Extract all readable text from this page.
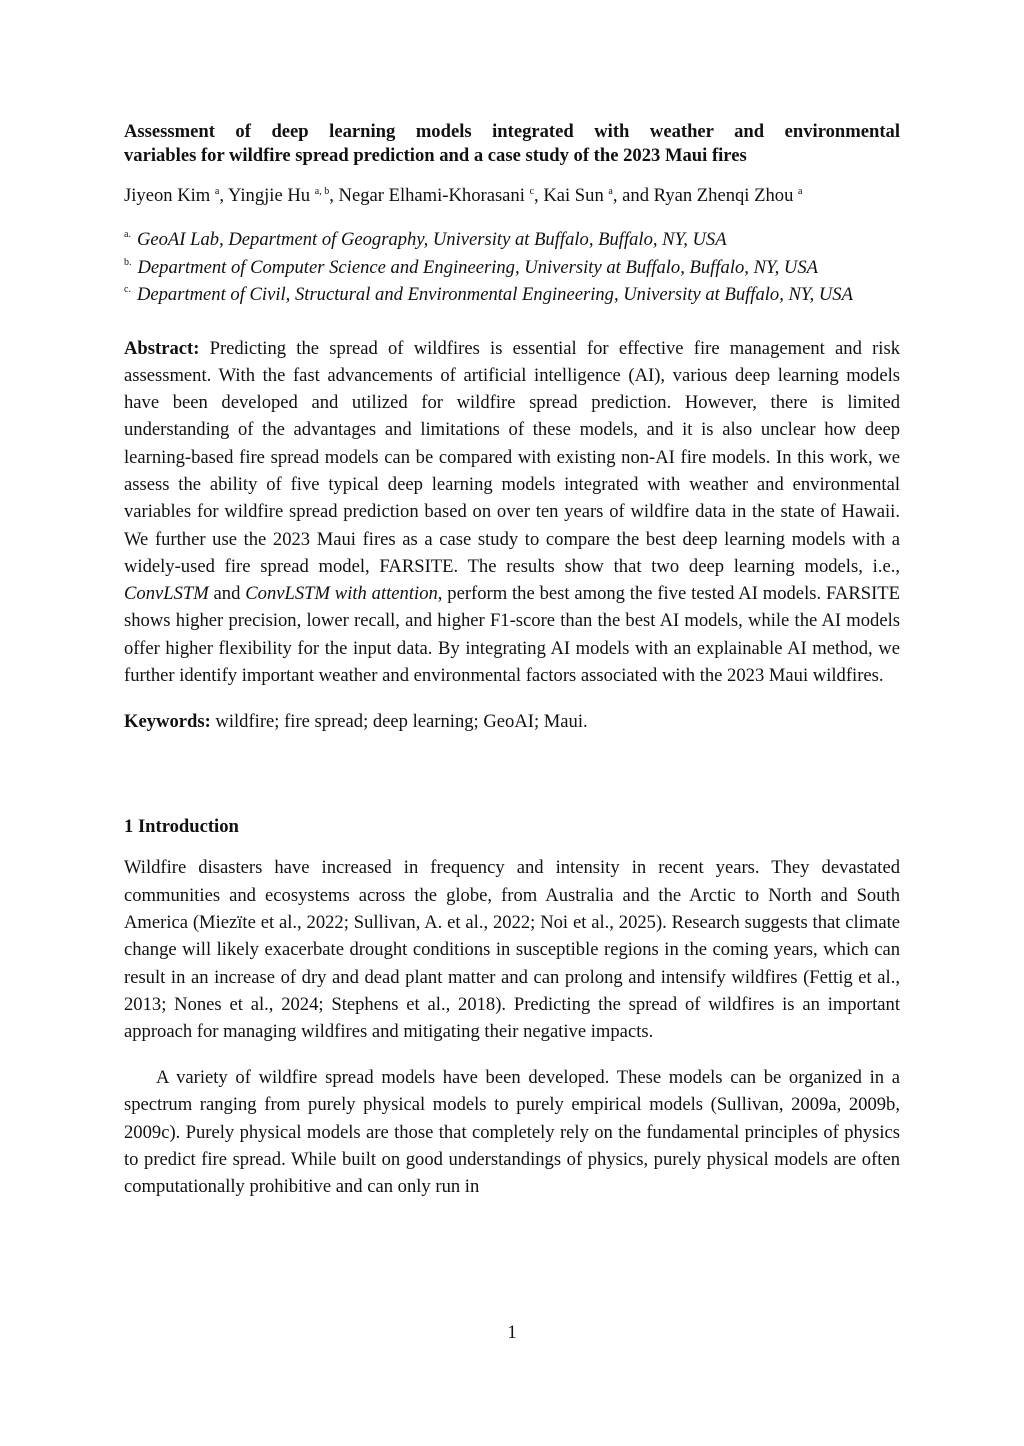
Assessment of deep learning models integrated with weather and environmental
variables for wildfire spread prediction and a case study of the 2023 Maui fires
Jiyeon Kim $^a$, Yingjie Hu $^{a, b}$, Negar Elhami-Khorasani $^c$, Kai Sun $^a$, and Ryan Zhenqi Zhou $^a$
a. GeoAI Lab, Department of Geography, University at Buffalo, Buffalo, NY, USA
b. Department of Computer Science and Engineering, University at Buffalo, Buffalo, NY, USA
c. Department of Civil, Structural and Environmental Engineering, University at Buffalo, NY, USA

Abstract: Predicting the spread of wildfires is essential for effective fire management and risk assessment. With the fast advancements of artificial intelligence (AI), various deep learning models have been developed and utilized for wildfire spread prediction. However, there is limited understanding of the advantages and limitations of these models, and it is also unclear how deep learning-based fire spread models can be compared with existing non-AI fire models. In this work, we assess the ability of five typical deep learning models integrated with weather and environmental variables for wildfire spread prediction based on over ten years of wildfire data in the state of Hawaii. We further use the 2023 Maui fires as a case study to compare the best deep learning models with a widely-used fire spread model, FARSITE. The results show that two deep learning models, i.e., ConvLSTM and ConvLSTM with attention, perform the best among the five tested AI models. FARSITE shows higher precision, lower recall, and higher F1-score than the best AI models, while the AI models offer higher flexibility for the input data. By integrating AI models with an explainable AI method, we further identify important weather and environmental factors associated with the 2023 Maui wildfires.

Keywords: wildfire; fire spread; deep learning; GeoAI; Maui.

1 Introduction

Wildfire disasters have increased in frequency and intensity in recent years. They devastated communities and ecosystems across the globe, from Australia and the Arctic to North and South America (Miezïte et al., 2022; Sullivan, A. et al., 2022; Noi et al., 2025). Research suggests that climate change will likely exacerbate drought conditions in susceptible regions in the coming years, which can result in an increase of dry and dead plant matter and can prolong and intensify wildfires (Fettig et al., 2013; Nones et al., 2024; Stephens et al., 2018). Predicting the spread of wildfires is an important approach for managing wildfires and mitigating their negative impacts.

A variety of wildfire spread models have been developed. These models can be organized in a spectrum ranging from purely physical models to purely empirical models (Sullivan, 2009a, 2009b, 2009c). Purely physical models are those that completely rely on the fundamental principles of physics to predict fire spread. While built on good understandings of physics, purely physical models are often computationally prohibitive and can only run in

1
